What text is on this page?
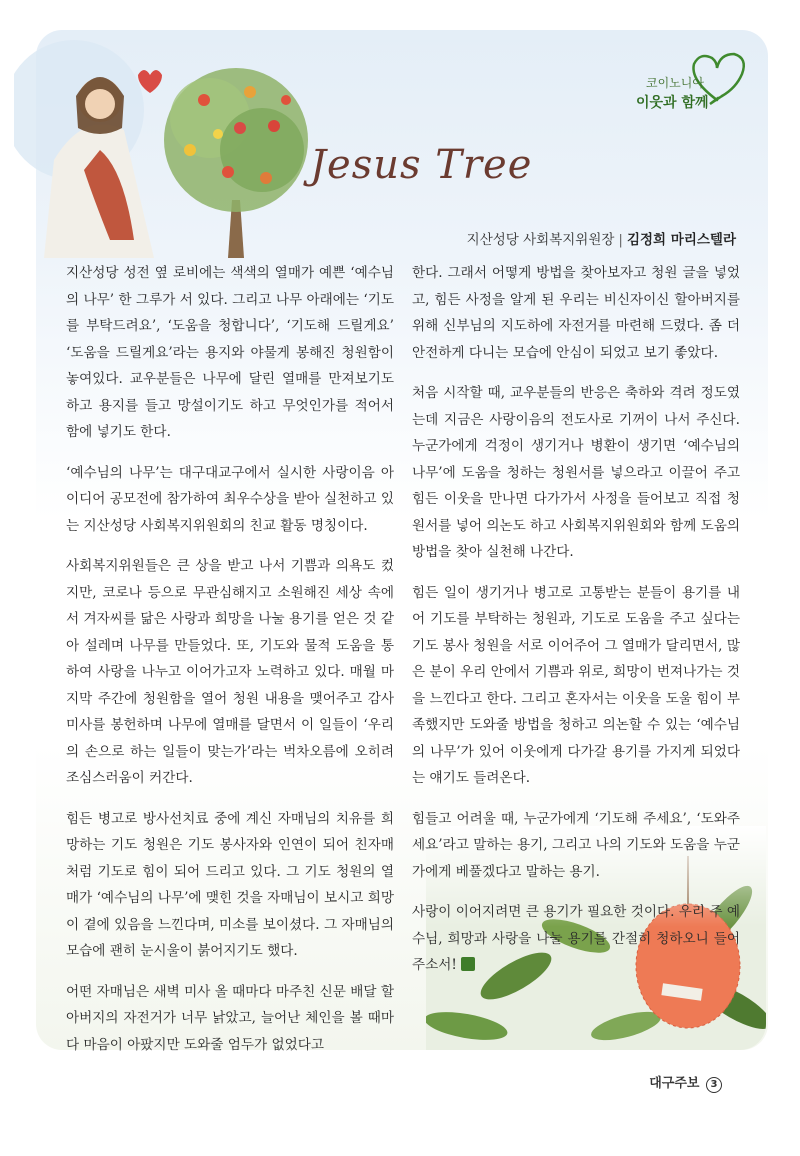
Jesus Tree
코이노니아
이웃과 함께
지산성당 사회복지위원장 | 김정희 마리스텔라

지산성당 성전 옆 로비에는 색색의 열매가 예쁜 ‘예수님의 나무’ 한 그루가 서 있다. 그리고 나무 아래에는 ‘기도를 부탁드려요’, ‘도움을 청합니다’, ‘기도해 드릴게요’ ‘도움을 드릴게요’라는 용지와 야물게 봉해진 청원함이 놓여있다. 교우분들은 나무에 달린 열매를 만져보기도 하고 용지를 들고 망설이기도 하고 무엇인가를 적어서 함에 넣기도 한다.

‘예수님의 나무’는 대구대교구에서 실시한 사랑이음 아이디어 공모전에 참가하여 최우수상을 받아 실천하고 있는 지산성당 사회복지위원회의 친교 활동 명칭이다.

사회복지위원들은 큰 상을 받고 나서 기쁨과 의욕도 컸지만, 코로나 등으로 무관심해지고 소원해진 세상 속에서 겨자씨를 닮은 사랑과 희망을 나눌 용기를 얻은 것 같아 설레며 나무를 만들었다. 또, 기도와 물적 도움을 통하여 사랑을 나누고 이어가고자 노력하고 있다. 매월 마지막 주간에 청원함을 열어 청원 내용을 맺어주고 감사미사를 봉헌하며 나무에 열매를 달면서 이 일들이 ‘우리의 손으로 하는 일들이 맞는가’라는 벅차오름에 오히려 조심스러움이 커간다.

힘든 병고로 방사선치료 중에 계신 자매님의 치유를 희망하는 기도 청원은 기도 봉사자와 인연이 되어 친자매처럼 기도로 힘이 되어 드리고 있다. 그 기도 청원의 열매가 ‘예수님의 나무’에 맺힌 것을 자매님이 보시고 희망이 곁에 있음을 느낀다며, 미소를 보이셨다. 그 자매님의 모습에 괜히 눈시울이 붉어지기도 했다.

어떤 자매님은 새벽 미사 올 때마다 마주친 신문 배달 할아버지의 자전거가 너무 낡았고, 늘어난 체인을 볼 때마다 마음이 아팠지만 도와줄 엄두가 없었다고

한다. 그래서 어떻게 방법을 찾아보자고 청원 글을 넣었고, 힘든 사정을 알게 된 우리는 비신자이신 할아버지를 위해 신부님의 지도하에 자전거를 마련해 드렸다. 좀 더 안전하게 다니는 모습에 안심이 되었고 보기 좋았다.

처음 시작할 때, 교우분들의 반응은 축하와 격려 정도였는데 지금은 사랑이음의 전도사로 기꺼이 나서 주신다. 누군가에게 걱정이 생기거나 병환이 생기면 ‘예수님의 나무’에 도움을 청하는 청원서를 넣으라고 이끌어 주고 힘든 이웃을 만나면 다가가서 사정을 들어보고 직접 청원서를 넣어 의논도 하고 사회복지위원회와 함께 도움의 방법을 찾아 실천해 나간다.

힘든 일이 생기거나 병고로 고통받는 분들이 용기를 내어 기도를 부탁하는 청원과, 기도로 도움을 주고 싶다는 기도 봉사 청원을 서로 이어주어 그 열매가 달리면서, 많은 분이 우리 안에서 기쁨과 위로, 희망이 번져나가는 것을 느낀다고 한다. 그리고 혼자서는 이웃을 도울 힘이 부족했지만 도와줄 방법을 청하고 의논할 수 있는 ‘예수님의 나무’가 있어 이웃에게 다가갈 용기를 가지게 되었다는 얘기도 들려온다.

힘들고 어려울 때, 누군가에게 ‘기도해 주세요’, ‘도와주세요’라고 말하는 용기, 그리고 나의 기도와 도움을 누군가에게 베풀겠다고 말하는 용기.

사랑이 이어지려면 큰 용기가 필요한 것이다. 우리 주 예수님, 희망과 사랑을 나눌 용기를 간절히 청하오니 들어주소서!

대구주보 3
